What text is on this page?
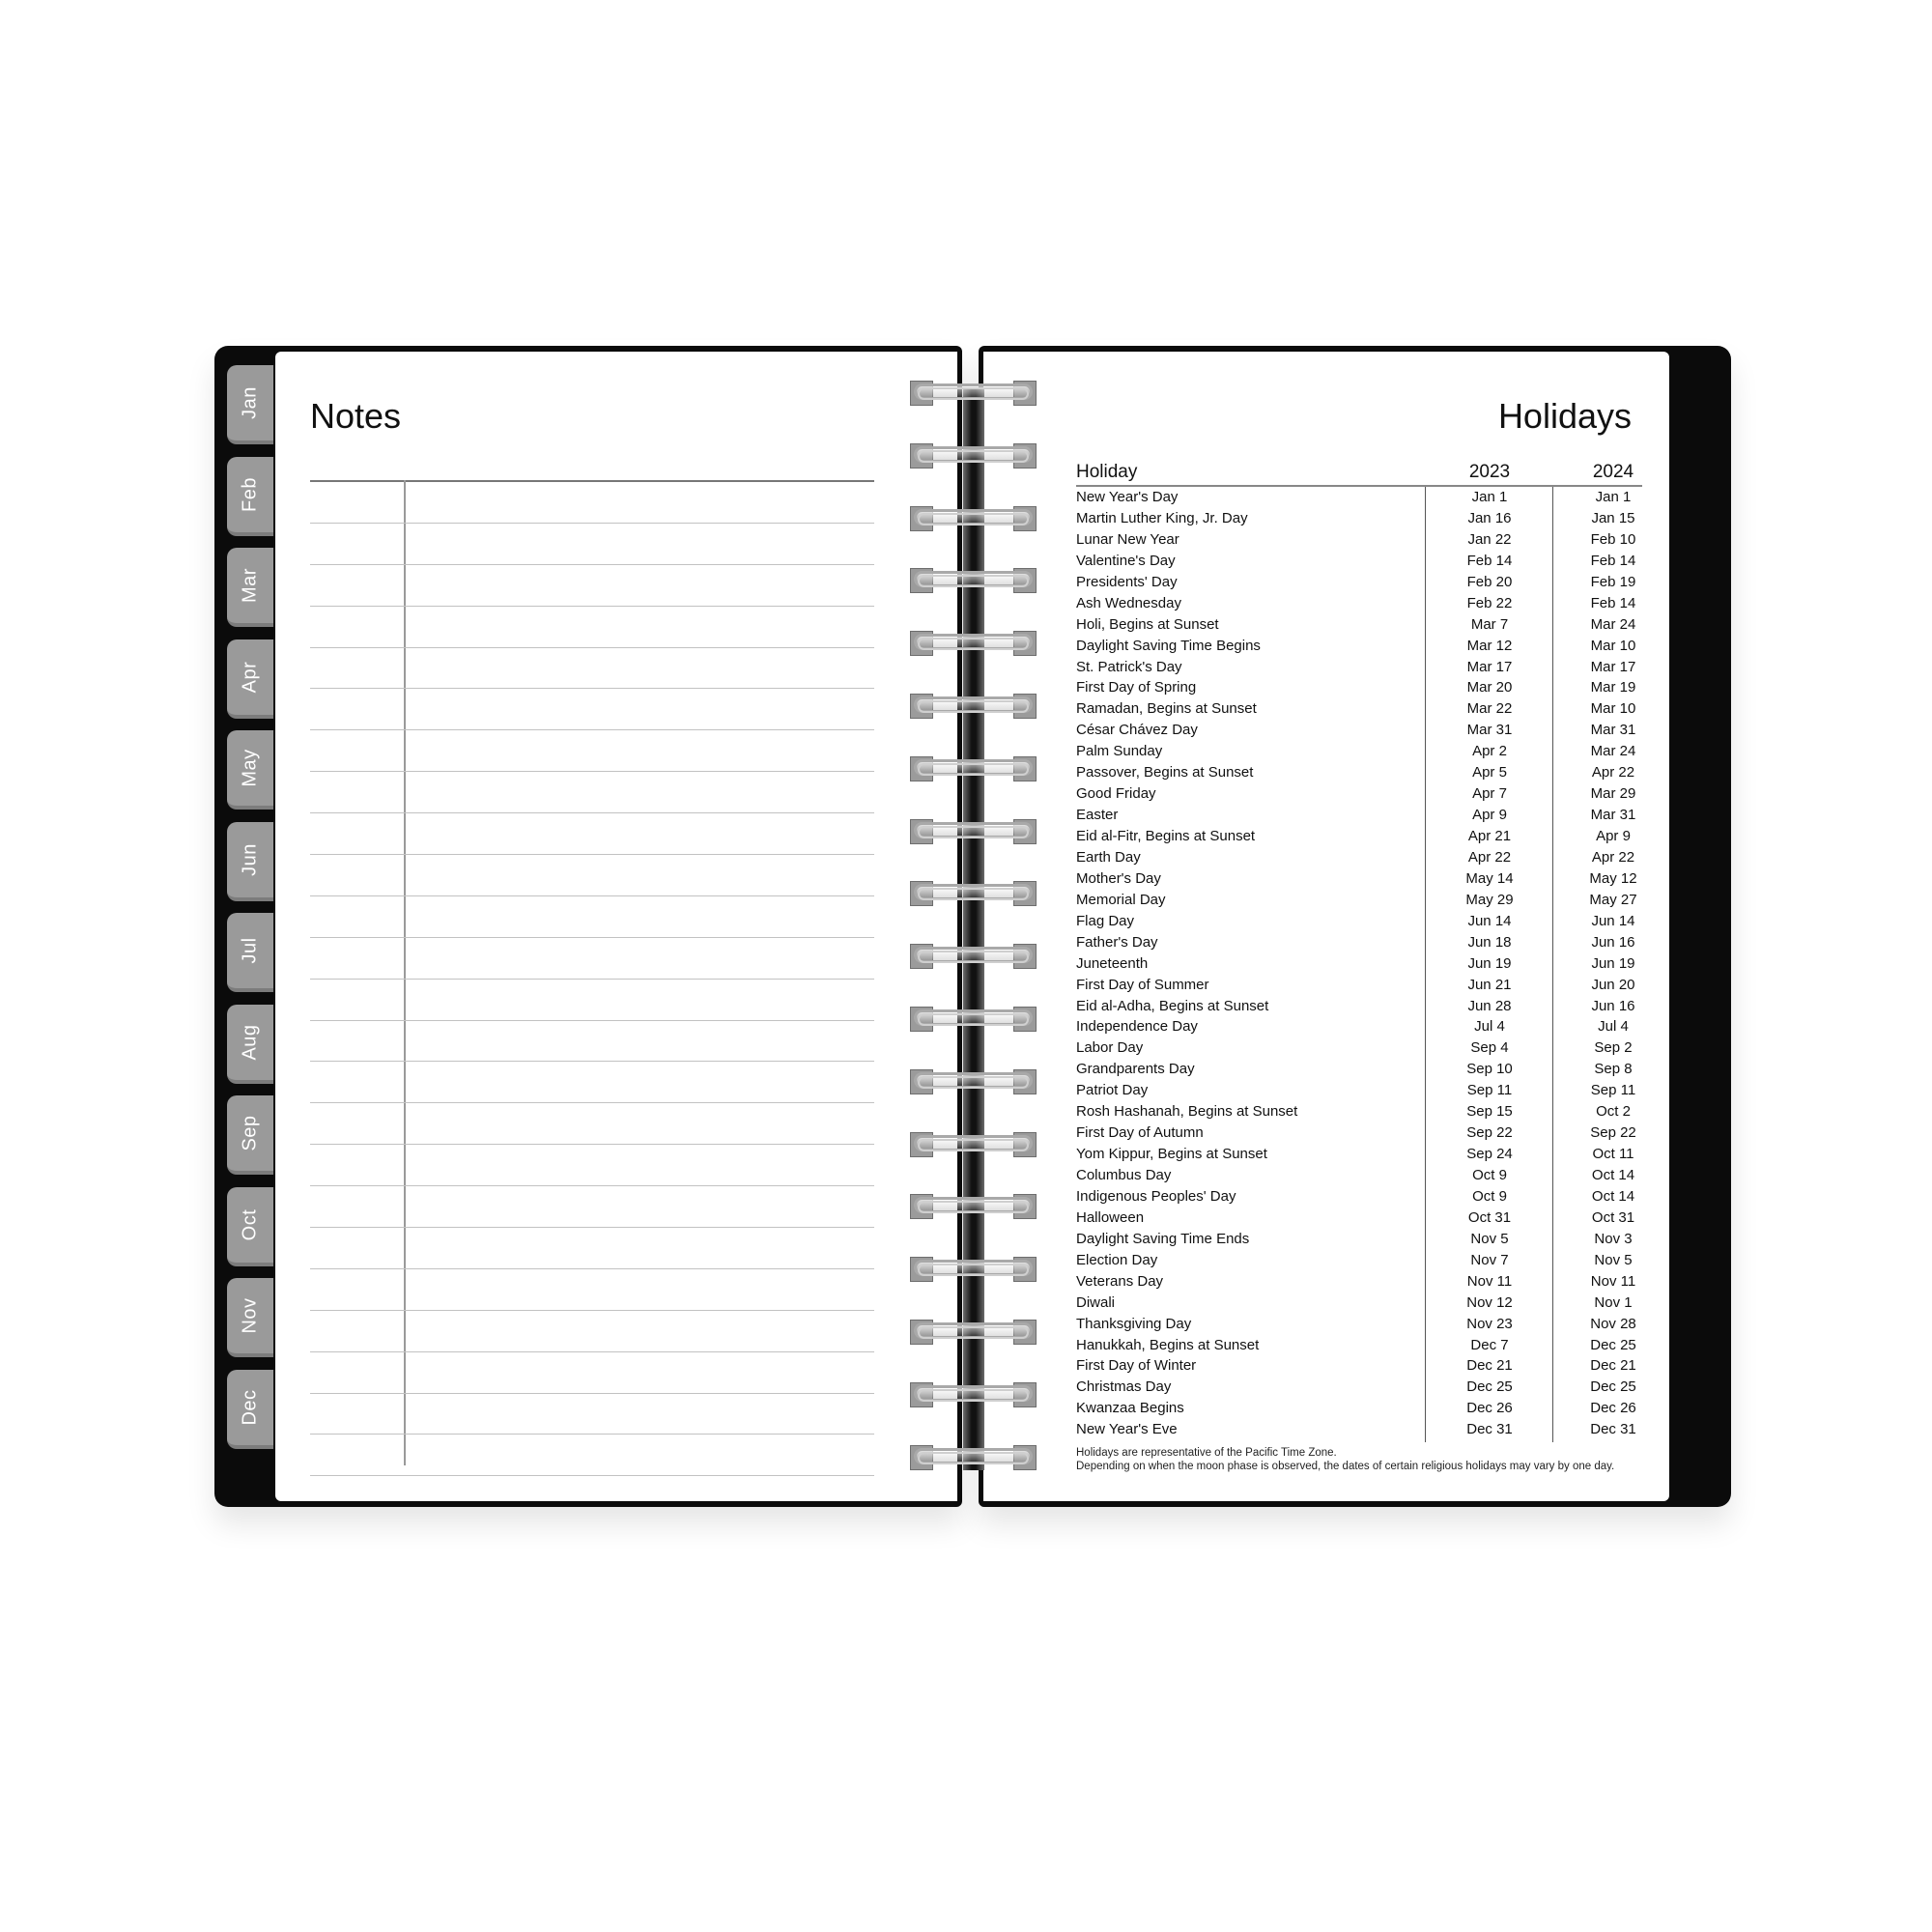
Notes
Jan
Feb
Mar
Apr
May
Jun
Jul
Aug
Sep
Oct
Nov
Dec
Holidays
Holiday	2023	2024
New Year's Day	Jan 1	Jan 1
Martin Luther King, Jr. Day	Jan 16	Jan 15
Lunar New Year	Jan 22	Feb 10
Valentine's Day	Feb 14	Feb 14
Presidents' Day	Feb 20	Feb 19
Ash Wednesday	Feb 22	Feb 14
Holi, Begins at Sunset	Mar 7	Mar 24
Daylight Saving Time Begins	Mar 12	Mar 10
St. Patrick's Day	Mar 17	Mar 17
First Day of Spring	Mar 20	Mar 19
Ramadan, Begins at Sunset	Mar 22	Mar 10
César Chávez Day	Mar 31	Mar 31
Palm Sunday	Apr 2	Mar 24
Passover, Begins at Sunset	Apr 5	Apr 22
Good Friday	Apr 7	Mar 29
Easter	Apr 9	Mar 31
Eid al-Fitr, Begins at Sunset	Apr 21	Apr 9
Earth Day	Apr 22	Apr 22
Mother's Day	May 14	May 12
Memorial Day	May 29	May 27
Flag Day	Jun 14	Jun 14
Father's Day	Jun 18	Jun 16
Juneteenth	Jun 19	Jun 19
First Day of Summer	Jun 21	Jun 20
Eid al-Adha, Begins at Sunset	Jun 28	Jun 16
Independence Day	Jul 4	Jul 4
Labor Day	Sep 4	Sep 2
Grandparents Day	Sep 10	Sep 8
Patriot Day	Sep 11	Sep 11
Rosh Hashanah, Begins at Sunset	Sep 15	Oct 2
First Day of Autumn	Sep 22	Sep 22
Yom Kippur, Begins at Sunset	Sep 24	Oct 11
Columbus Day	Oct 9	Oct 14
Indigenous Peoples' Day	Oct 9	Oct 14
Halloween	Oct 31	Oct 31
Daylight Saving Time Ends	Nov 5	Nov 3
Election Day	Nov 7	Nov 5
Veterans Day	Nov 11	Nov 11
Diwali	Nov 12	Nov 1
Thanksgiving Day	Nov 23	Nov 28
Hanukkah, Begins at Sunset	Dec 7	Dec 25
First Day of Winter	Dec 21	Dec 21
Christmas Day	Dec 25	Dec 25
Kwanzaa Begins	Dec 26	Dec 26
New Year's Eve	Dec 31	Dec 31
Holidays are representative of the Pacific Time Zone.
Depending on when the moon phase is observed, the dates of certain religious holidays may vary by one day.
